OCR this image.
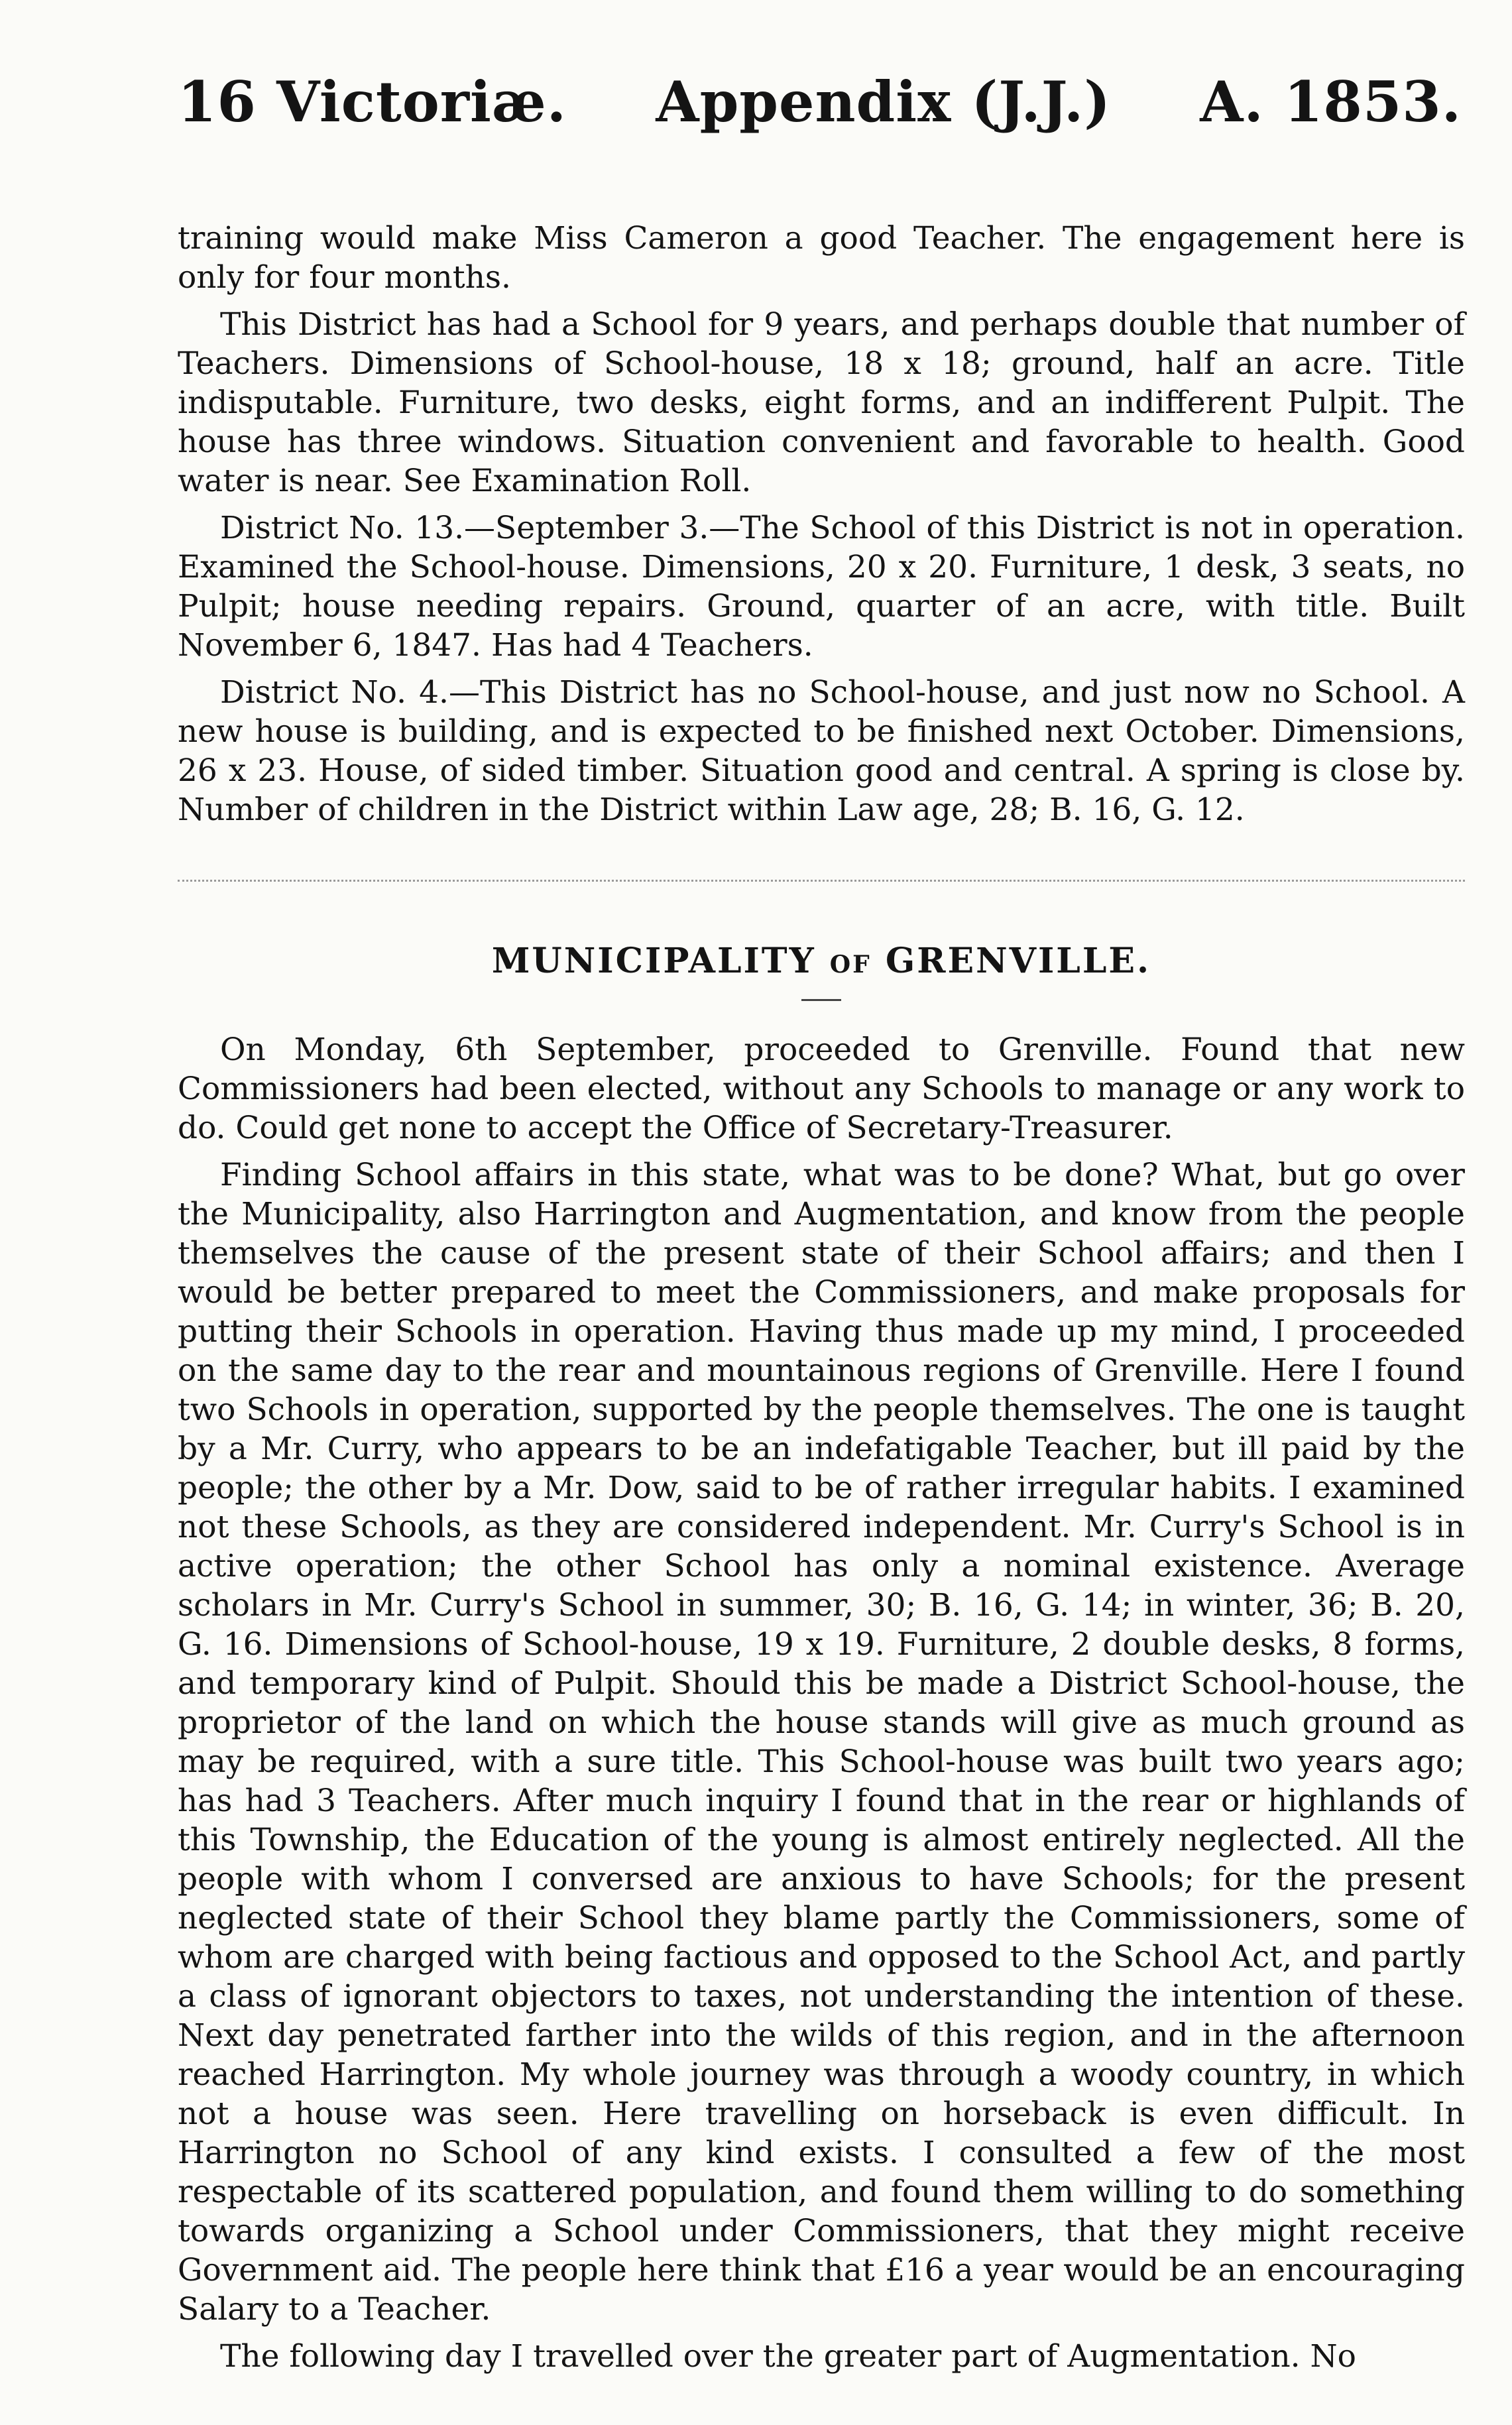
16 Victoriæ. Appendix (J.J.) A. 1853.

training would make Miss Cameron a good Teacher. The engagement here is only for four months.

This District has had a School for 9 years, and perhaps double that number of Teachers. Dimensions of School-house, 18 x 18; ground, half an acre. Title indisputable. Furniture, two desks, eight forms, and an indifferent Pulpit. The house has three windows. Situation convenient and favorable to health. Good water is near. See Examination Roll.

District No. 13.—September 3.—The School of this District is not in operation. Examined the School-house. Dimensions, 20 x 20. Furniture, 1 desk, 3 seats, no Pulpit; house needing repairs. Ground, quarter of an acre, with title. Built November 6, 1847. Has had 4 Teachers.

District No. 4.—This District has no School-house, and just now no School. A new house is building, and is expected to be finished next October. Dimensions, 26 x 23. House, of sided timber. Situation good and central. A spring is close by. Number of children in the District within Law age, 28; B. 16, G. 12.

MUNICIPALITY OF GRENVILLE.

On Monday, 6th September, proceeded to Grenville. Found that new Commissioners had been elected, without any Schools to manage or any work to do. Could get none to accept the Office of Secretary-Treasurer.

Finding School affairs in this state, what was to be done? What, but go over the Municipality, also Harrington and Augmentation, and know from the people themselves the cause of the present state of their School affairs; and then I would be better prepared to meet the Commissioners, and make proposals for putting their Schools in operation. Having thus made up my mind, I proceeded on the same day to the rear and mountainous regions of Grenville. Here I found two Schools in operation, supported by the people themselves. The one is taught by a Mr. Curry, who appears to be an indefatigable Teacher, but ill paid by the people; the other by a Mr. Dow, said to be of rather irregular habits. I examined not these Schools, as they are considered independent. Mr. Curry's School is in active operation; the other School has only a nominal existence. Average scholars in Mr. Curry's School in summer, 30; B. 16, G. 14; in winter, 36; B. 20, G. 16. Dimensions of School-house, 19 x 19. Furniture, 2 double desks, 8 forms, and temporary kind of Pulpit. Should this be made a District School-house, the proprietor of the land on which the house stands will give as much ground as may be required, with a sure title. This School-house was built two years ago; has had 3 Teachers. After much inquiry I found that in the rear or highlands of this Township, the Education of the young is almost entirely neglected. All the people with whom I conversed are anxious to have Schools; for the present neglected state of their School they blame partly the Commissioners, some of whom are charged with being factious and opposed to the School Act, and partly a class of ignorant objectors to taxes, not understanding the intention of these. Next day penetrated farther into the wilds of this region, and in the afternoon reached Harrington. My whole journey was through a woody country, in which not a house was seen. Here travelling on horseback is even difficult. In Harrington no School of any kind exists. I consulted a few of the most respectable of its scattered population, and found them willing to do something towards organizing a School under Commissioners, that they might receive Government aid. The people here think that £16 a year would be an encouraging Salary to a Teacher.

The following day I travelled over the greater part of Augmentation. No
